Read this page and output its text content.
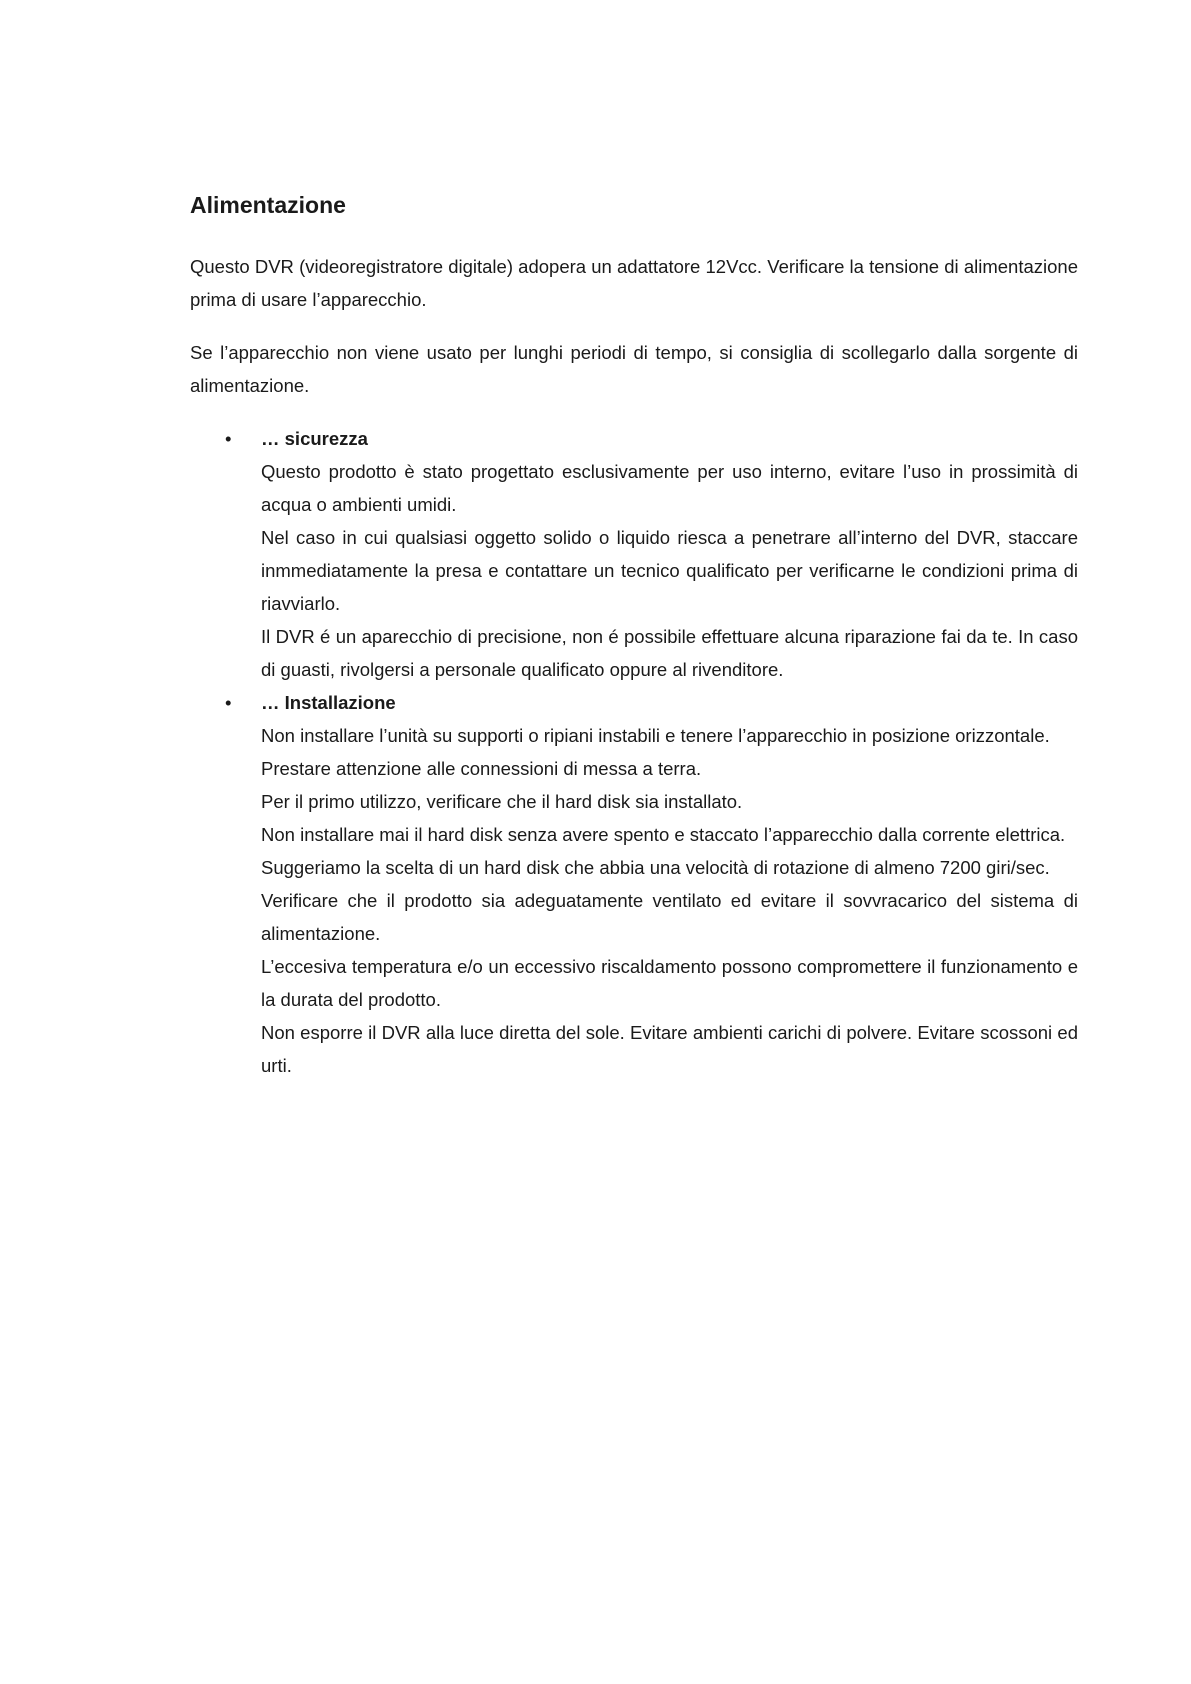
Alimentazione

Questo DVR (videoregistratore digitale) adopera un adattatore 12Vcc. Verificare la tensione di alimentazione prima di usare l’apparecchio.

Se l’apparecchio non viene usato per lunghi periodi di tempo, si consiglia di scollegarlo dalla sorgente di alimentazione.

• … sicurezza
Questo prodotto è stato progettato esclusivamente per uso interno, evitare l’uso in prossimità di acqua o ambienti umidi.
Nel caso in cui qualsiasi oggetto solido o liquido riesca a penetrare all’interno del DVR, staccare inmmediatamente la presa e contattare un tecnico qualificato per verificarne le condizioni prima di riavviarlo.
Il DVR é un aparecchio di precisione, non é possibile effettuare alcuna riparazione fai da te. In caso di guasti, rivolgersi a personale qualificato oppure al rivenditore.
• … Installazione
Non installare l’unità su supporti o ripiani instabili e tenere l’apparecchio in posizione orizzontale.
Prestare attenzione alle connessioni di messa a terra.
Per il primo utilizzo, verificare che il hard disk sia installato.
Non installare mai il hard disk senza avere spento e staccato l’apparecchio dalla corrente elettrica.
Suggeriamo la scelta di un hard disk che abbia una velocità di rotazione di almeno 7200 giri/sec.
Verificare che il prodotto sia adeguatamente ventilato ed evitare il sovvracarico del sistema di alimentazione.
L’eccesiva temperatura e/o un eccessivo riscaldamento possono compromettere il funzionamento e la durata del prodotto.
Non esporre il DVR alla luce diretta del sole. Evitare ambienti carichi di polvere. Evitare scossoni ed urti.
